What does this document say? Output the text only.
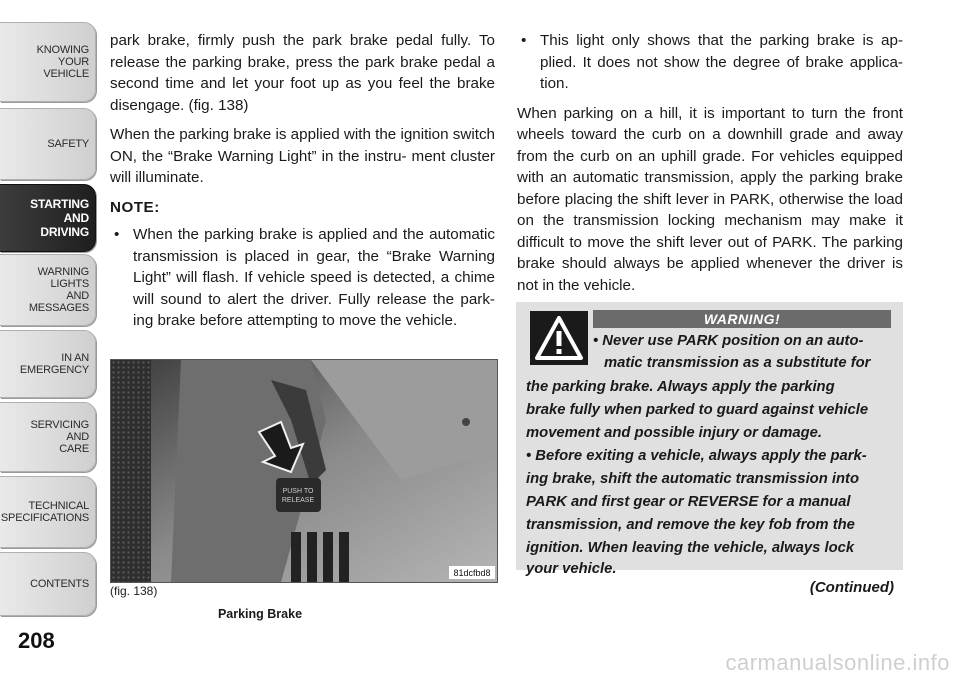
KNOWING
YOUR
VEHICLE
SAFETY
STARTING
AND
DRIVING
WARNING
LIGHTS
AND
MESSAGES
IN AN
EMERGENCY
SERVICING
AND
CARE
TECHNICAL
SPECIFICATIONS
CONTENTS
208

park brake, firmly push the park brake pedal fully. To release the parking brake, press the park brake pedal a second time and let your foot up as you feel the brake disengage. (fig. 138)

When the parking brake is applied with the ignition switch ON, the “Brake Warning Light” in the instru- ment cluster will illuminate.

NOTE:
• When the parking brake is applied and the automatic transmission is placed in gear, the “Brake Warning Light” will flash. If vehicle speed is detected, a chime will sound to alert the driver. Fully release the park- ing brake before attempting to move the vehicle.
PUSH TO
RELEASE
81dcfbd8
(fig. 138)
Parking Brake
• This light only shows that the parking brake is ap- plied. It does not show the degree of brake applica- tion.

When parking on a hill, it is important to turn the front wheels toward the curb on a downhill grade and away from the curb on an uphill grade. For vehicles equipped with an automatic transmission, apply the parking brake before placing the shift lever in PARK, otherwise the load on the transmission locking mechanism may make it difficult to move the shift lever out of PARK. The parking brake should always be applied whenever the driver is not in the vehicle.

WARNING!
• Never use PARK position on an auto-
matic transmission as a substitute for
the parking brake. Always apply the parking
brake fully when parked to guard against vehicle
movement and possible injury or damage.
• Before exiting a vehicle, always apply the park-
ing brake, shift the automatic transmission into
PARK and first gear or REVERSE for a manual
transmission, and remove the key fob from the
ignition. When leaving the vehicle, always lock
your vehicle.
(Continued)
carmanualsonline.info
